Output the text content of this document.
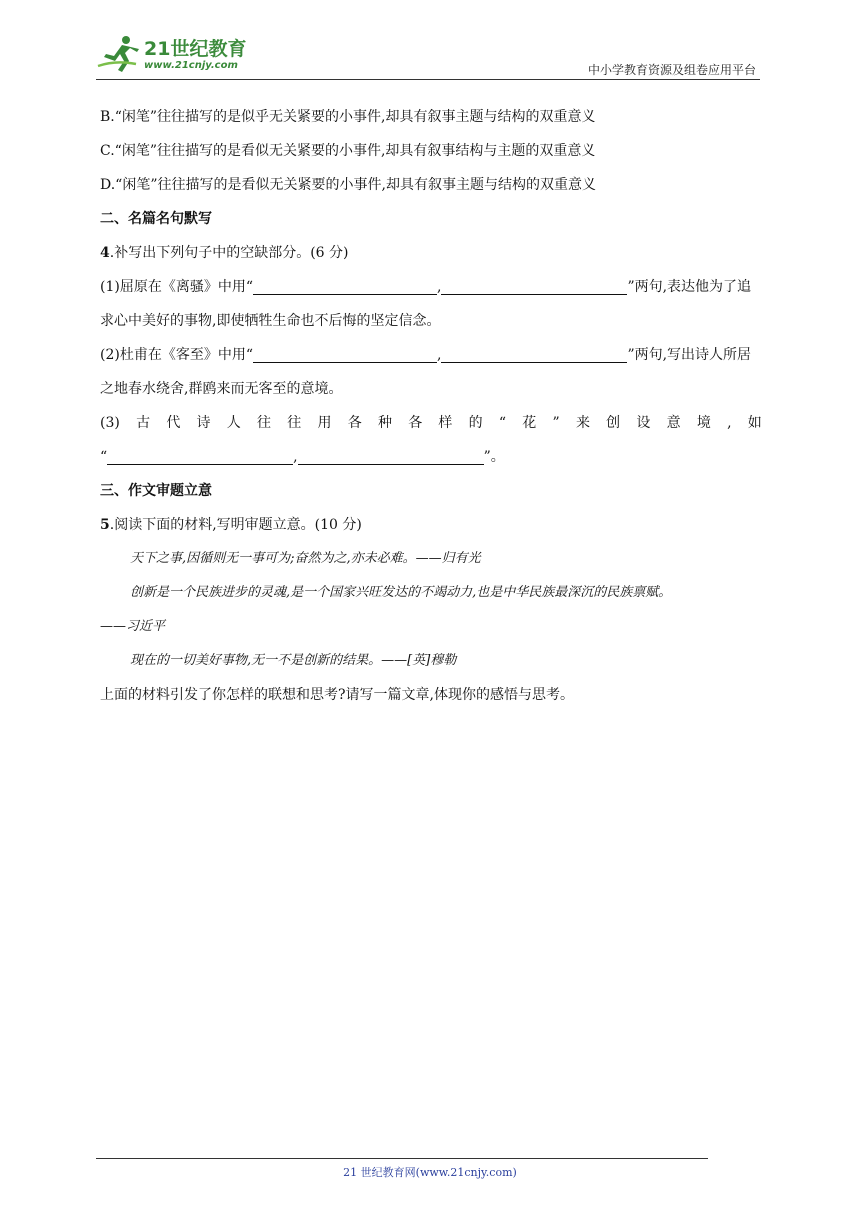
21世纪教育
www.21cnjy.com	中小学教育资源及组卷应用平台
B.“闲笔”往往描写的是似乎无关紧要的小事件,却具有叙事主题与结构的双重意义
C.“闲笔”往往描写的是看似无关紧要的小事件,却具有叙事结构与主题的双重意义
D.“闲笔”往往描写的是看似无关紧要的小事件,却具有叙事主题与结构的双重意义
二、名篇名句默写
4.补写出下列句子中的空缺部分。(6 分)
(1)屈原在《离骚》中用“	,	”两句,表达他为了追
求心中美好的事物,即使牺牲生命也不后悔的坚定信念。
(2)杜甫在《客至》中用“	,	”两句,写出诗人所居
之地春水绕舍,群鸥来而无客至的意境。
(3) 古 代 诗 人 往 往 用 各 种 各 样 的 “ 花 ” 来 创 设 意 境 , 如
“	,	”。
三、作文审题立意
5.阅读下面的材料,写明审题立意。(10 分)
天下之事,因循则无一事可为;奋然为之,亦未必难。——归有光
创新是一个民族进步的灵魂,是一个国家兴旺发达的不竭动力,也是中华民族最深沉的民族禀赋。
——习近平
现在的一切美好事物,无一不是创新的结果。——[英]穆勒
上面的材料引发了你怎样的联想和思考?请写一篇文章,体现你的感悟与思考。
21 世纪教育网(www.21cnjy.com)
